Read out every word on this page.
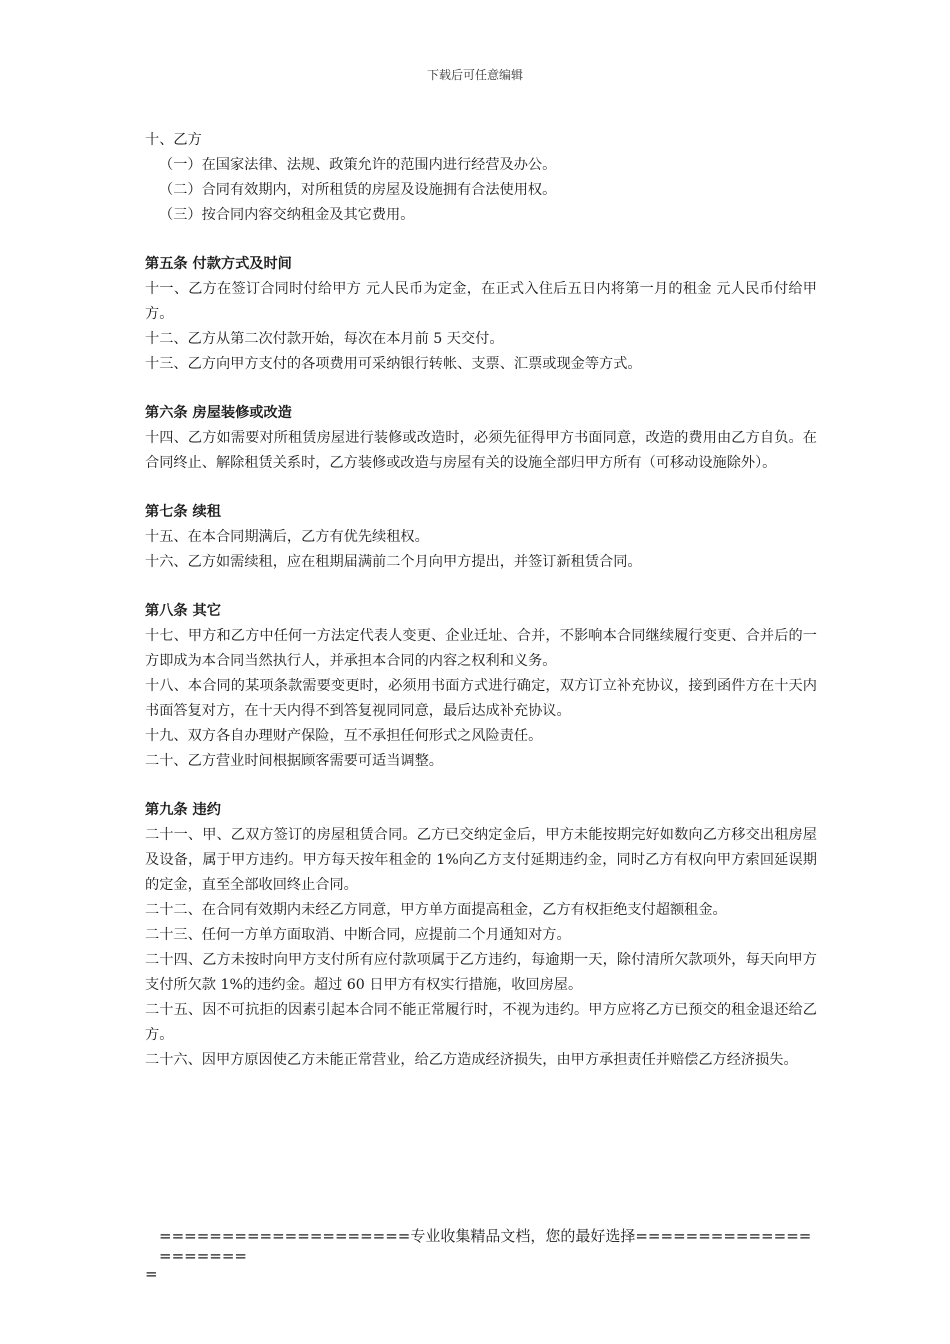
下载后可任意编辑

十、乙方

（一）在国家法律、法规、政策允许的范围内进行经营及办公。

（二）合同有效期内，对所租赁的房屋及设施拥有合法使用权。

（三）按合同内容交纳租金及其它费用。

第五条 付款方式及时间

十一、乙方在签订合同时付给甲方 元人民币为定金，在正式入住后五日内将第一月的租金 元人民币付给甲方。

十二、乙方从第二次付款开始，每次在本月前 5 天交付。

十三、乙方向甲方支付的各项费用可采纳银行转帐、支票、汇票或现金等方式。

第六条 房屋装修或改造

十四、乙方如需要对所租赁房屋进行装修或改造时，必须先征得甲方书面同意，改造的费用由乙方自负。在合同终止、解除租赁关系时，乙方装修或改造与房屋有关的设施全部归甲方所有（可移动设施除外）。

第七条 续租

十五、在本合同期满后，乙方有优先续租权。

十六、乙方如需续租，应在租期届满前二个月向甲方提出，并签订新租赁合同。

第八条 其它

十七、甲方和乙方中任何一方法定代表人变更、企业迁址、合并，不影响本合同继续履行变更、合并后的一方即成为本合同当然执行人，并承担本合同的内容之权利和义务。

十八、本合同的某项条款需要变更时，必须用书面方式进行确定，双方订立补充协议，接到函件方在十天内书面答复对方，在十天内得不到答复视同同意，最后达成补充协议。

十九、双方各自办理财产保险，互不承担任何形式之风险责任。

二十、乙方营业时间根据顾客需要可适当调整。

第九条 违约

二十一、甲、乙双方签订的房屋租赁合同。乙方已交纳定金后，甲方未能按期完好如数向乙方移交出租房屋及设备，属于甲方违约。甲方每天按年租金的 1%向乙方支付延期违约金，同时乙方有权向甲方索回延误期的定金，直至全部收回终止合同。

二十二、在合同有效期内未经乙方同意，甲方单方面提高租金，乙方有权拒绝支付超额租金。

二十三、任何一方单方面取消、中断合同，应提前二个月通知对方。

二十四、乙方未按时向甲方支付所有应付款项属于乙方违约，每逾期一天，除付清所欠款项外，每天向甲方支付所欠款 1%的违约金。超过 60 日甲方有权实行措施，收回房屋。

二十五、因不可抗拒的因素引起本合同不能正常履行时，不视为违约。甲方应将乙方已预交的租金退还给乙方。

二十六、因甲方原因使乙方未能正常营业，给乙方造成经济损失，由甲方承担责任并赔偿乙方经济损失。

====================专业收集精品文档，您的最好选择=====================
=
